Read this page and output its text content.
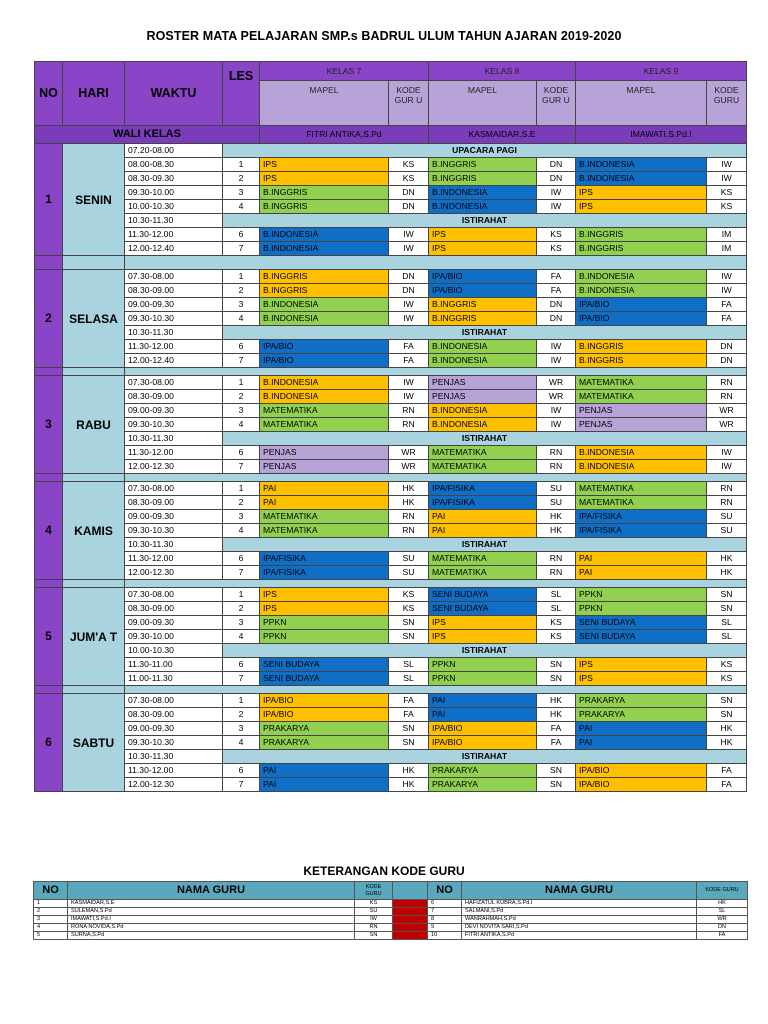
ROSTER MATA PELAJARAN SMP.s BADRUL ULUM TAHUN AJARAN 2019-2020
NO	HARI	WAKTU	LES	KELAS 7		KELAS 8		KELAS 9	
				MAPEL	KODE GUR U	MAPEL	KODE GUR U	MAPEL	KODE GURU
WALI KELAS				FITRI ANTIKA,S.Pd		KASMAIDAR,S.E		IMAWATI,S.Pd.I	
1	SENIN	07.20-08.00	UPACARA PAGI						
		08.00-08.30	1	IPS	KS	B.INGGRIS	DN	B.INDONESIA	IW
		08.30-09.30	2	IPS	KS	B.INGGRIS	DN	B.INDONESIA	IW
		09.30-10.00	3	B.INGGRIS	DN	B.INDONESIA	IW	IPS	KS
		10.00-10.30	4	B.INGGRIS	DN	B.INDONESIA	IW	IPS	KS
		10.30-11.30	ISTIRAHAT						
		11.30-12.00	6	B.INDONESIA	IW	IPS	KS	B.INGGRIS	IM
		12.00-12.40	7	B.INDONESIA	IW	IPS	KS	B.INGGRIS	IM

2	SELASA	07.30-08.00	1	B.INGGRIS	DN	IPA/BIO	FA	B.INDONESIA	IW
		08.30-09.00	2	B.INGGRIS	DN	IPA/BIO	FA	B.INDONESIA	IW
		09.00-09.30	3	B.INDONESIA	IW	B.INGGRIS	DN	IPA/BIO	FA
		09.30-10.30	4	B.INDONESIA	IW	B.INGGRIS	DN	IPA/BIO	FA
		10.30-11.30	ISTIRAHAT						
		11.30-12.00	6	IPA/BIO	FA	B.INDONESIA	IW	B.INGGRIS	DN
		12.00-12.40	7	IPA/BIO	FA	B.INDONESIA	IW	B.INGGRIS	DN

3	RABU	07.30-08.00	1	B.INDONESIA	IW	PENJAS	WR	MATEMATIKA	RN
		08.30-09.00	2	B.INDONESIA	IW	PENJAS	WR	MATEMATIKA	RN
		09.00-09.30	3	MATEMATIKA	RN	B.INDONESIA	IW	PENJAS	WR
		09.30-10.30	4	MATEMATIKA	RN	B.INDONESIA	IW	PENJAS	WR
		10.30-11.30	ISTIRAHAT						
		11.30-12.00	6	PENJAS	WR	MATEMATIKA	RN	B.INDONESIA	IW
		12.00-12.30	7	PENJAS	WR	MATEMATIKA	RN	B.INDONESIA	IW

4	KAMIS	07.30-08.00	1	PAI	HK	IPA/FISIKA	SU	MATEMATIKA	RN
		08.30-09.00	2	PAI	HK	IPA/FISIKA	SU	MATEMATIKA	RN
		09.00-09.30	3	MATEMATIKA	RN	PAI	HK	IPA/FISIKA	SU
		09.30-10.30	4	MATEMATIKA	RN	PAI	HK	IPA/FISIKA	SU
		10.30-11.30	ISTIRAHAT						
		11.30-12.00	6	IPA/FISIKA	SU	MATEMATIKA	RN	PAI	HK
		12.00-12.30	7	IPA/FISIKA	SU	MATEMATIKA	RN	PAI	HK

5	JUM'A T	07.30-08.00	1	IPS	KS	SENI BUDAYA	SL	PPKN	SN
		08.30-09.00	2	IPS	KS	SENI BUDAYA	SL	PPKN	SN
		09.00-09.30	3	PPKN	SN	IPS	KS	SENI BUDAYA	SL
		09.30-10.00	4	PPKN	SN	IPS	KS	SENI BUDAYA	SL
		10.00-10.30	ISTIRAHAT						
		11.30-11.00	6	SENI BUDAYA	SL	PPKN	SN	IPS	KS
		11.00-11.30	7	SENI BUDAYA	SL	PPKN	SN	IPS	KS

6	SABTU	07.30-08.00	1	IPA/BIO	FA	PAI	HK	PRAKARYA	SN
		08.30-09.00	2	IPA/BIO	FA	PAI	HK	PRAKARYA	SN
		09.00-09.30	3	PRAKARYA	SN	IPA/BIO	FA	PAI	HK
		09.30-10.30	4	PRAKARYA	SN	IPA/BIO	FA	PAI	HK
		10.30-11.30	ISTIRAHAT						
		11.30-12.00	6	PAI	HK	PRAKARYA	SN	IPA/BIO	FA
		12.00-12.30	7	PAI	HK	PRAKARYA	SN	IPA/BIO	FA
KETERANGAN KODE GURU
NO	NAMA GURU	KODE GURU		NO	NAMA GURU	KODE GURU
1	KASMAIDAR,S.E	KS		6	HAFIZATUL KUBRA,S.Pd.I	HK
2	SULEMAN,S.Pd	SU		7	SALMANI,S.Pd	SL
3	IMAWATI,S.Pd.I	IW		8	WANRAHMAH,S.Pd	WR
4	RONA NOVIDA,S.Pd	RN		9	DEVI NOVITA SARI,S.Pd	DN
5	SURNA,S.Pd	SN		10	FITRI ANTIKA,S.Pd	FA
